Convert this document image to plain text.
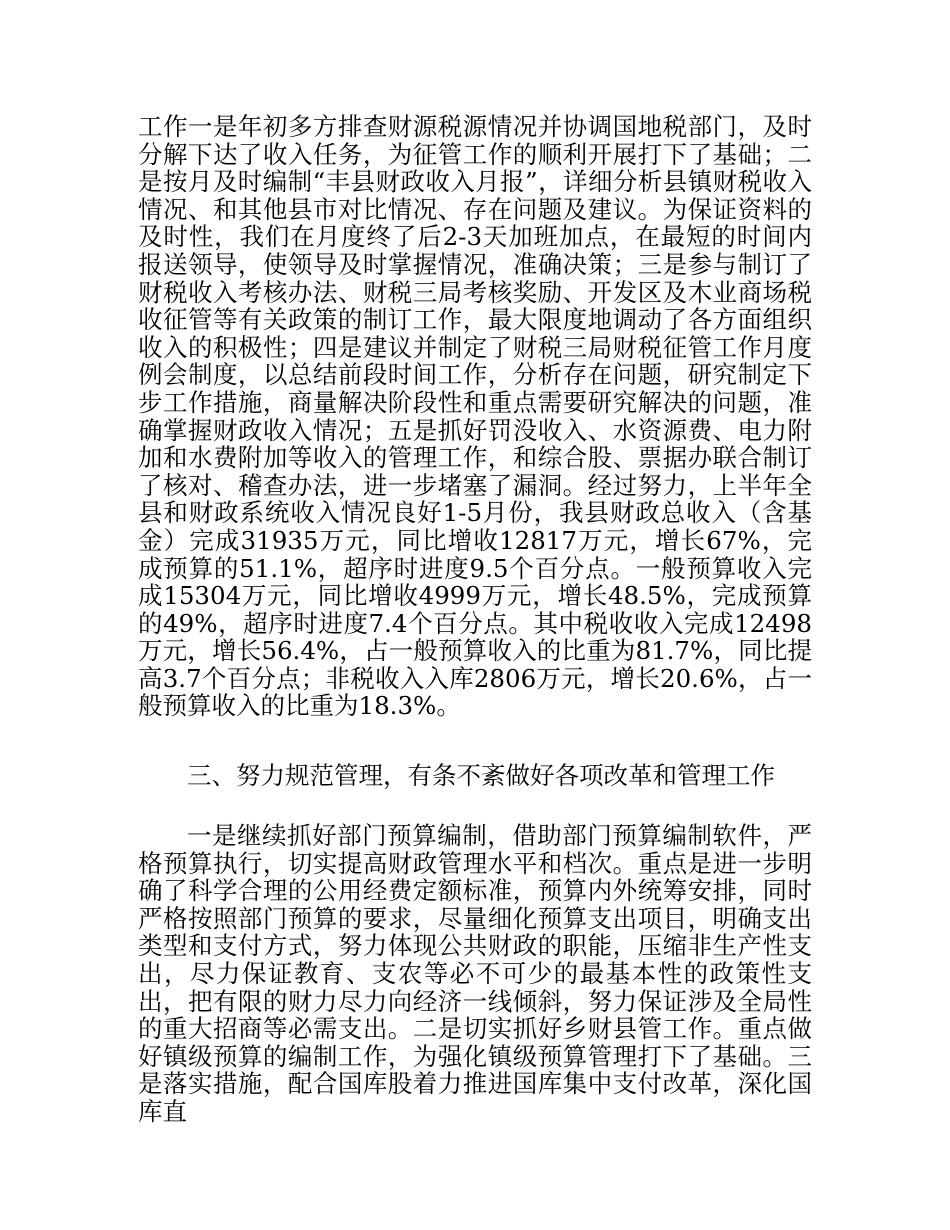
工作一是年初多方排查财源税源情况并协调国地税部门，及时分解下达了收入任务，为征管工作的顺利开展打下了基础；二是按月及时编制“丰县财政收入月报”，详细分析县镇财税收入情况、和其他县市对比情况、存在问题及建议。为保证资料的及时性，我们在月度终了后2-3天加班加点，在最短的时间内报送领导，使领导及时掌握情况，准确决策；三是参与制订了财税收入考核办法、财税三局考核奖励、开发区及木业商场税收征管等有关政策的制订工作，最大限度地调动了各方面组织收入的积极性；四是建议并制定了财税三局财税征管工作月度例会制度，以总结前段时间工作，分析存在问题，研究制定下步工作措施，商量解决阶段性和重点需要研究解决的问题，准确掌握财政收入情况；五是抓好罚没收入、水资源费、电力附加和水费附加等收入的管理工作，和综合股、票据办联合制订了核对、稽查办法，进一步堵塞了漏洞。经过努力，上半年全县和财政系统收入情况良好1-5月份，我县财政总收入（含基金）完成31935万元，同比增收12817万元，增长67%，完成预算的51.1%，超序时进度9.5个百分点。一般预算收入完成15304万元，同比增收4999万元，增长48.5%，完成预算的49%，超序时进度7.4个百分点。其中税收收入完成12498万元，增长56.4%，占一般预算收入的比重为81.7%，同比提高3.7个百分点；非税收入入库2806万元，增长20.6%，占一般预算收入的比重为18.3%。

三、努力规范管理，有条不紊做好各项改革和管理工作

一是继续抓好部门预算编制，借助部门预算编制软件，严格预算执行，切实提高财政管理水平和档次。重点是进一步明确了科学合理的公用经费定额标准，预算内外统筹安排，同时严格按照部门预算的要求，尽量细化预算支出项目，明确支出类型和支付方式，努力体现公共财政的职能，压缩非生产性支出，尽力保证教育、支农等必不可少的最基本性的政策性支出，把有限的财力尽力向经济一线倾斜，努力保证涉及全局性的重大招商等必需支出。二是切实抓好乡财县管工作。重点做好镇级预算的编制工作，为强化镇级预算管理打下了基础。三是落实措施，配合国库股着力推进国库集中支付改革，深化国库直
